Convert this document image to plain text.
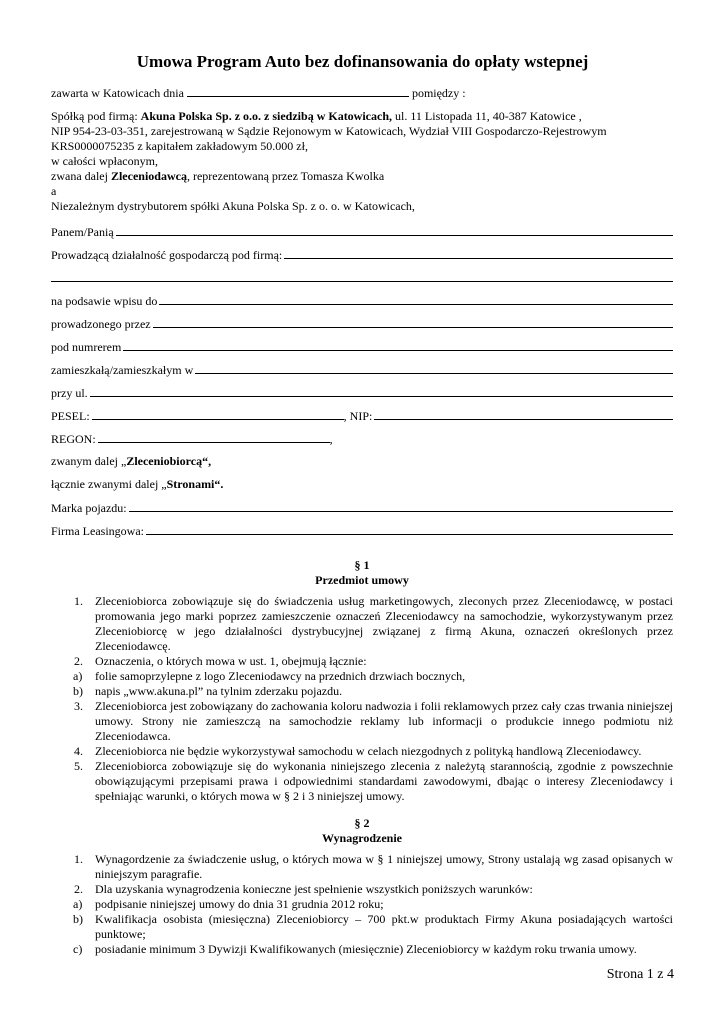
Umowa Program Auto bez dofinansowania do opłaty wstepnej
zawarta w Katowicach dnia	pomiędzy :
Spółką pod firmą: Akuna Polska Sp. z o.o. z siedzibą w Katowicach, ul. 11 Listopada 11, 40-387 Katowice ,
NIP 954-23-03-351, zarejestrowaną w Sądzie Rejonowym w Katowicach, Wydział VIII Gospodarczo-Rejestrowym
KRS0000075235 z kapitałem zakładowym 50.000 zł,
w całości wpłaconym,
zwana dalej Zleceniodawcą, reprezentowaną przez Tomasza Kwolka
a
Niezależnym dystrybutorem spółki Akuna Polska Sp. z o. o. w Katowicach,
Panem/Panią
Prowadzącą działalność gospodarczą pod firmą:
na podsawie wpisu do
prowadzonego przez
pod numrerem
zamieszkałą/zamieszkałym w
przy ul.
PESEL:	, NIP:
REGON:	,
zwanym dalej „ Zleceniobiorcą“,
łącznie zwanymi dalej „ Stronami“.
Marka pojazdu:
Firma Leasingowa:
§ 1
Przedmiot umowy
1.	Zleceniobiorca zobowiązuje się do świadczenia usług marketingowych, zleconych przez Zleceniodawcę, w postaci promowania jego marki poprzez zamieszczenie oznaczeń Zleceniodawcy na samochodzie, wykorzystywanym przez Zleceniobiorcę w jego działalności dystrybucyjnej związanej z firmą Akuna, oznaczeń określonych przez Zleceniodawcę.
2.	Oznaczenia, o których mowa w ust. 1, obejmują łącznie:
a)	folie samoprzylepne z logo Zleceniodawcy na przednich drzwiach bocznych,
b)	napis „www.akuna.pl” na tylnim zderzaku pojazdu.
3.	Zleceniobiorca jest zobowiązany do zachowania koloru nadwozia i folii reklamowych przez cały czas trwania niniejszej umowy. Strony nie zamieszczą na samochodzie reklamy lub informacji o produkcie innego podmiotu niż Zleceniodawca.
4.	Zleceniobiorca nie będzie wykorzystywał samochodu w celach niezgodnych z polityką handlową Zleceniodawcy.
5.	Zleceniobiorca zobowiązuje się do wykonania niniejszego zlecenia z należytą starannością, zgodnie z powszechnie obowiązującymi przepisami prawa i odpowiednimi standardami zawodowymi, dbając o interesy Zleceniodawcy i spełniając warunki, o których mowa w § 2 i 3 niniejszej umowy.
§ 2
Wynagrodzenie
1.	Wynagordzenie za świadczenie usług, o których mowa w § 1 niniejszej umowy, Strony ustalają wg zasad opisanych w niniejszym paragrafie.
2.	Dla uzyskania wynagrodzenia konieczne jest spełnienie wszystkich poniższych warunków:
a)	podpisanie niniejszej umowy do dnia 31 grudnia 2012 roku;
b)	Kwalifikacja osobista (miesięczna) Zleceniobiorcy – 700 pkt.w produktach Firmy Akuna posiadających wartości punktowe;
c)	posiadanie minimum 3 Dywizji Kwalifikowanych (miesięcznie) Zleceniobiorcy w każdym roku trwania umowy.
Strona 1 z 4
